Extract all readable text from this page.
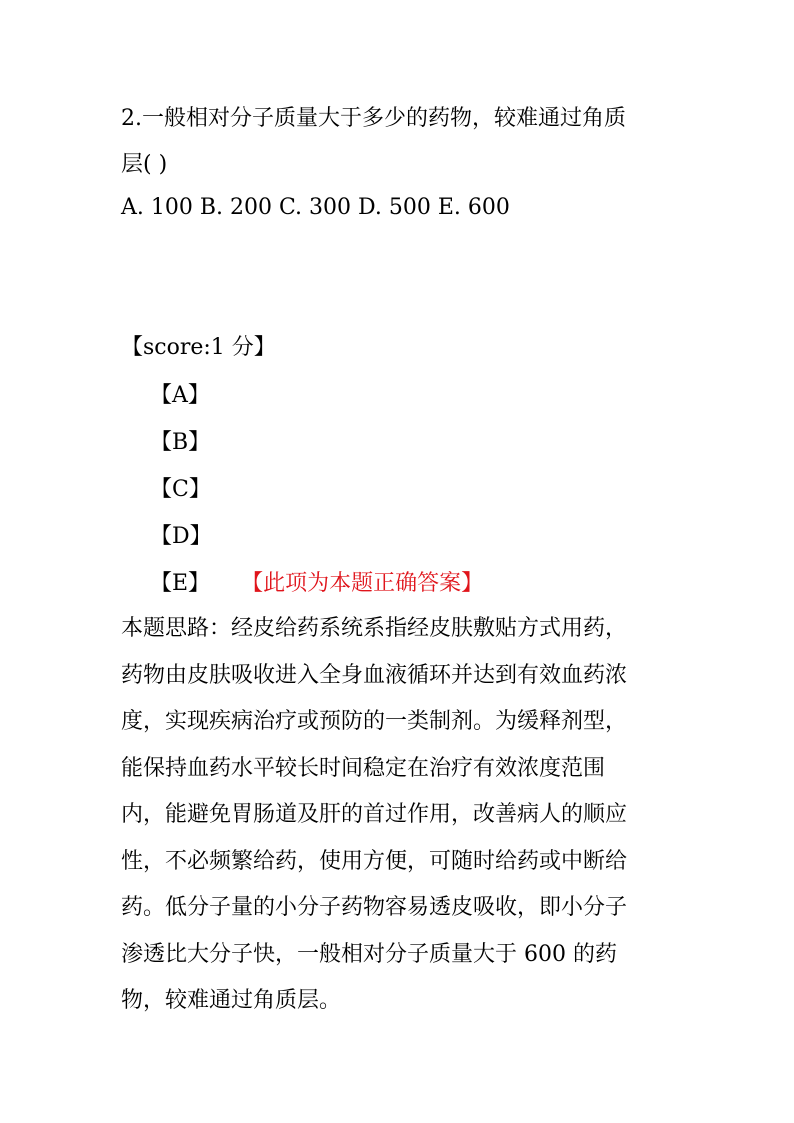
2.一般相对分子质量大于多少的药物，较难通过角质
层( )
A. 100 B. 200 C. 300 D. 500 E. 600
【score:1 分】
【A】
【B】
【C】
【D】
【E】 【此项为本题正确答案】
本题思路：经皮给药系统系指经皮肤敷贴方式用药，
药物由皮肤吸收进入全身血液循环并达到有效血药浓
度，实现疾病治疗或预防的一类制剂。为缓释剂型，
能保持血药水平较长时间稳定在治疗有效浓度范围
内，能避免胃肠道及肝的首过作用，改善病人的顺应
性，不必频繁给药，使用方便，可随时给药或中断给
药。低分子量的小分子药物容易透皮吸收，即小分子
渗透比大分子快，一般相对分子质量大于 600 的药
物，较难通过角质层。
